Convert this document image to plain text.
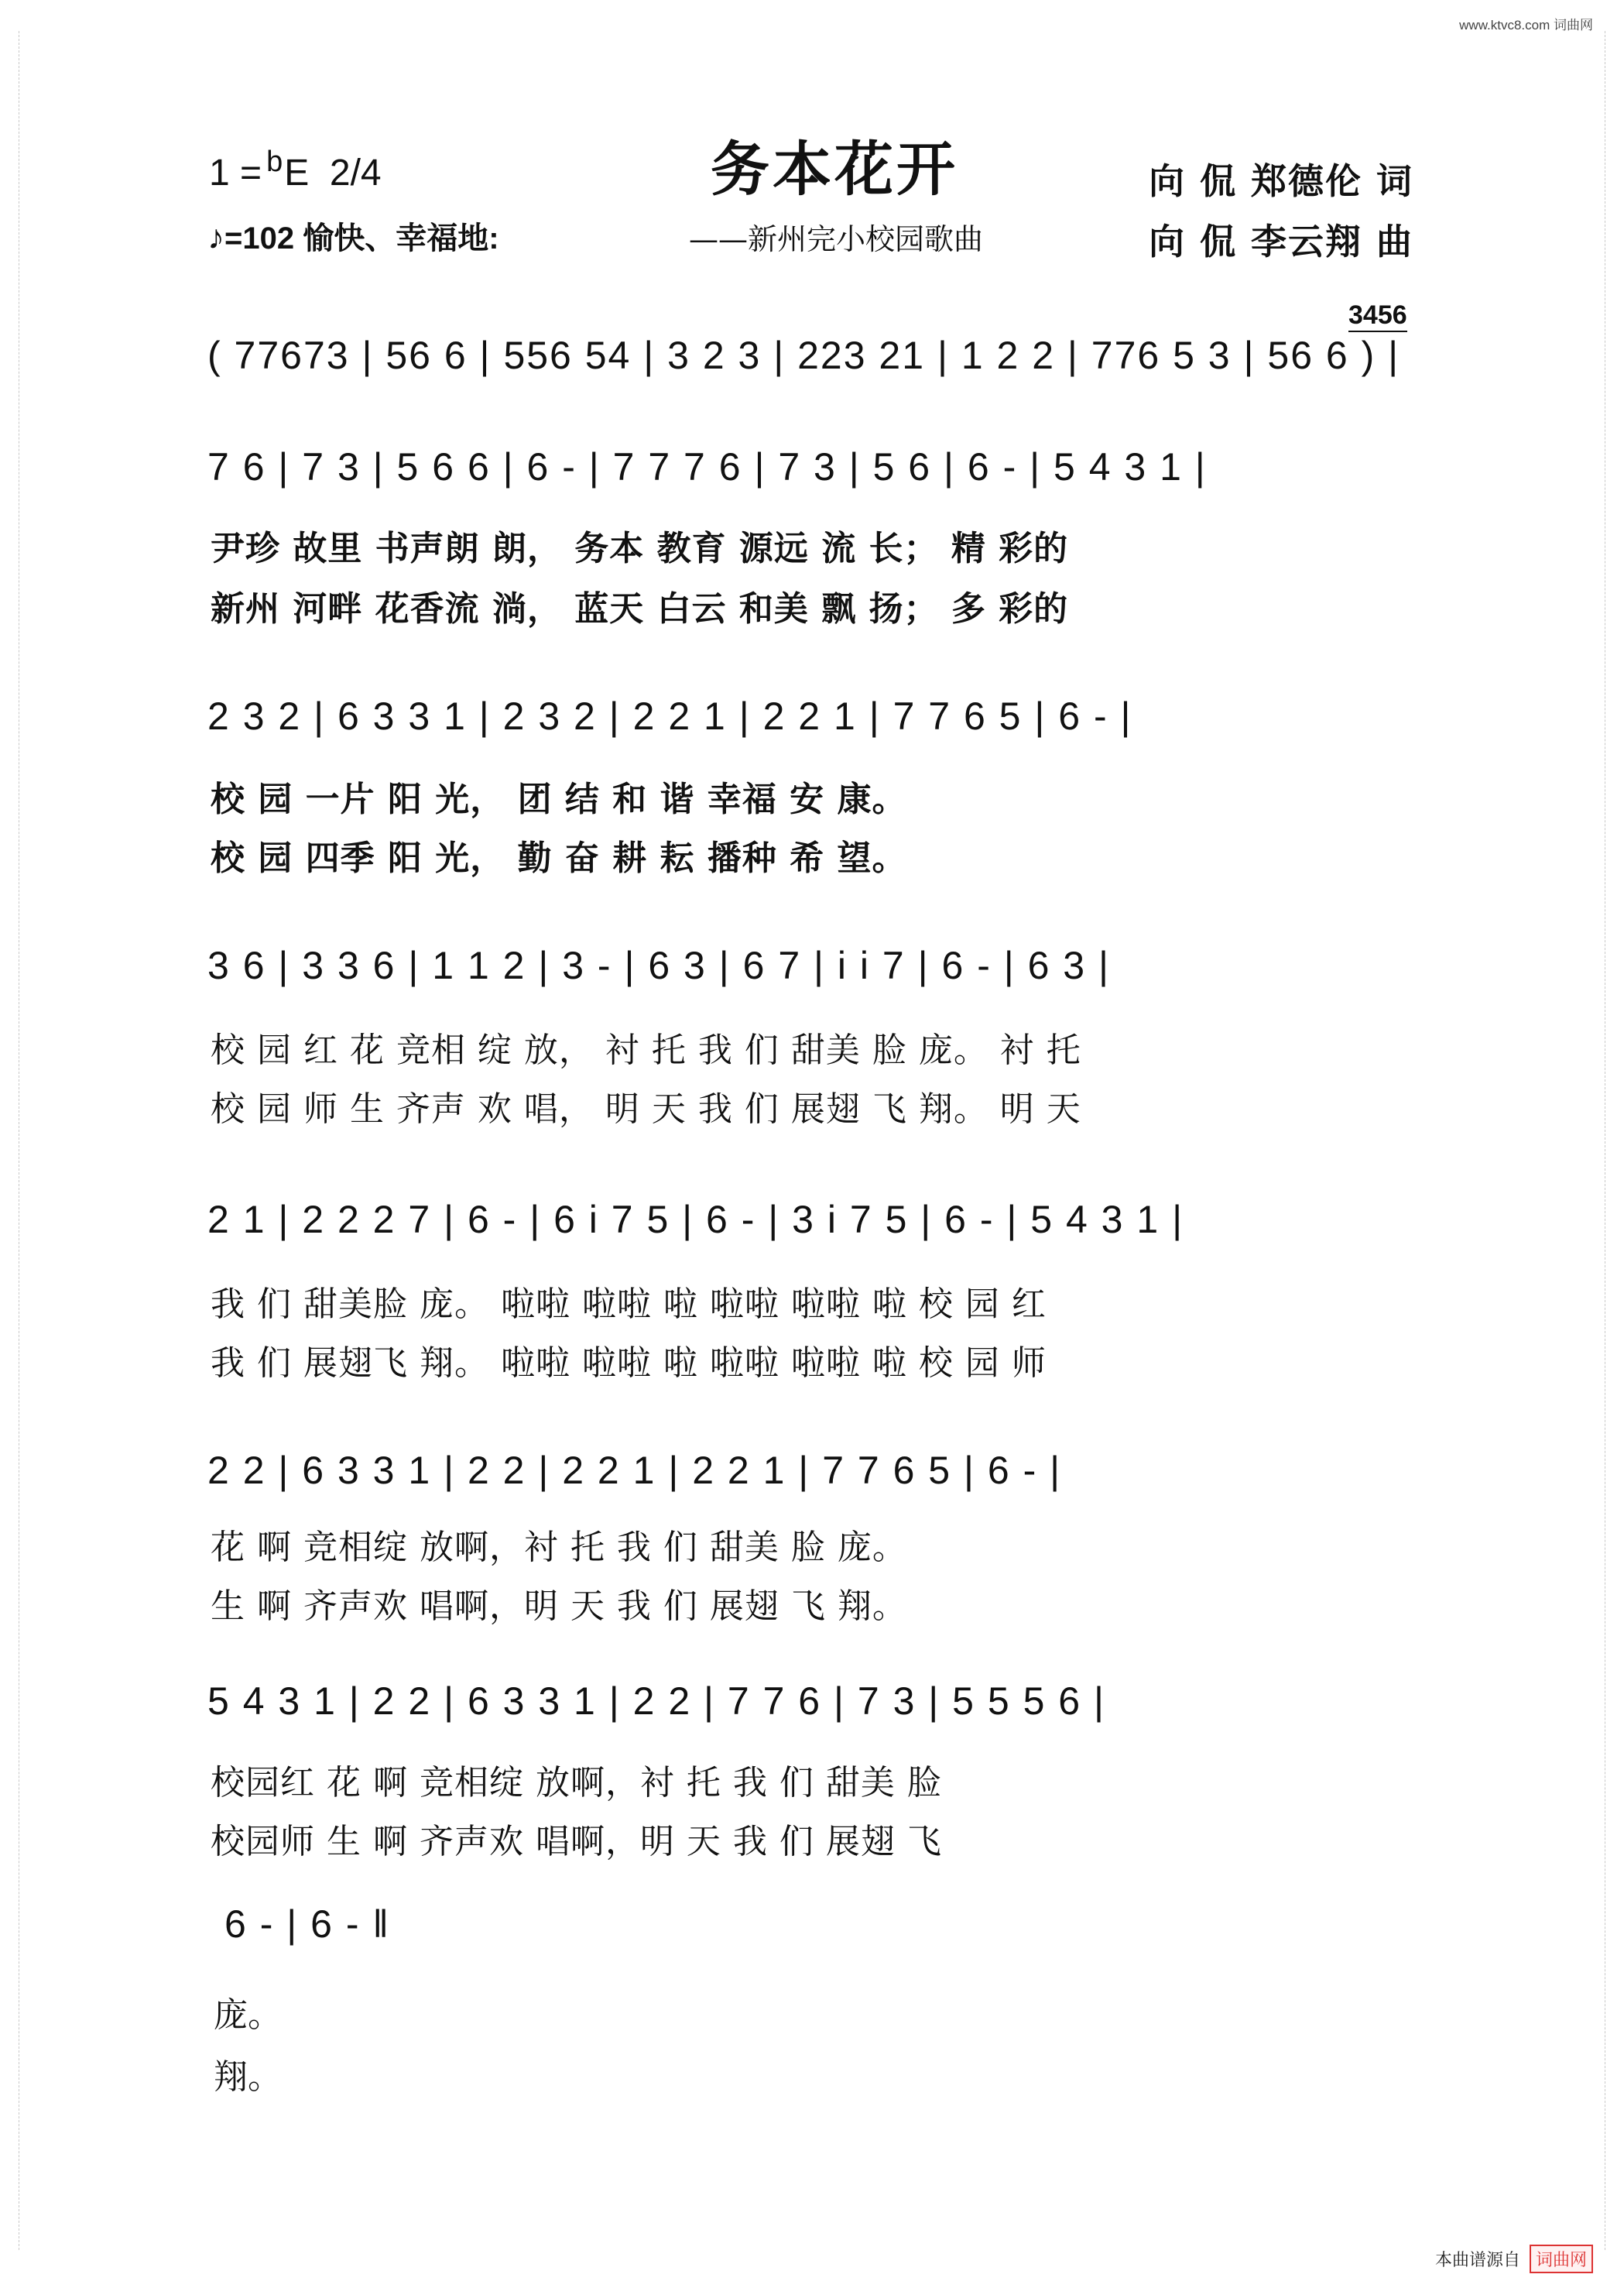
www.ktvc8.com 词曲网
1 = $^b$E 2/4
♪=102 愉快、幸福地:
务本花开
——新州完小校园歌曲
向 侃 郑德伦 词
向 侃 李云翔 曲
3456
( 77673 | 56 6 | 556 54 | 3 2 3 | 223 21 | 1 2 2 | 776 5 3 | 56 6 ) |
7 6 | 7 3 | 5 6 6 | 6 - | 7 7 7 6 | 7 3 | 5 6 | 6 - | 5 4 3 1 |
尹珍 故里 书声朗 朗， 务本 教育 源远 流 长； 精 彩的
新州 河畔 花香流 淌， 蓝天 白云 和美 飘 扬； 多 彩的
2 3 2 | 6 3 3 1 | 2 3 2 | 2 2 1 | 2 2 1 | 7 7 6 5 | 6 - |
校 园 一片 阳 光， 团 结 和 谐 幸福 安 康。
校 园 四季 阳 光， 勤 奋 耕 耘 播种 希 望。
3 6 | 3 3 6 | 1 1 2 | 3 - | 6 3 | 6 7 | i i 7 | 6 - | 6 3 |
校 园 红 花 竞相 绽 放， 衬 托 我 们 甜美 脸 庞。 衬 托
校 园 师 生 齐声 欢 唱， 明 天 我 们 展翅 飞 翔。 明 天
2 1 | 2 2 2 7 | 6 - | 6 i 7 5 | 6 - | 3 i 7 5 | 6 - | 5 4 3 1 |
我 们 甜美脸 庞。 啦啦 啦啦 啦 啦啦 啦啦 啦 校 园 红
我 们 展翅飞 翔。 啦啦 啦啦 啦 啦啦 啦啦 啦 校 园 师
2 2 | 6 3 3 1 | 2 2 | 2 2 1 | 2 2 1 | 7 7 6 5 | 6 - |
花 啊 竞相绽 放啊，衬 托 我 们 甜美 脸 庞。
生 啊 齐声欢 唱啊，明 天 我 们 展翅 飞 翔。
5 4 3 1 | 2 2 | 6 3 3 1 | 2 2 | 7 7 6 | 7 3 | 5 5 5 6 |
校园红 花 啊 竞相绽 放啊，衬 托 我 们 甜美 脸
校园师 生 啊 齐声欢 唱啊，明 天 我 们 展翅 飞
6 - | 6 - ‖
庞。
翔。
本曲谱源自 词曲网
